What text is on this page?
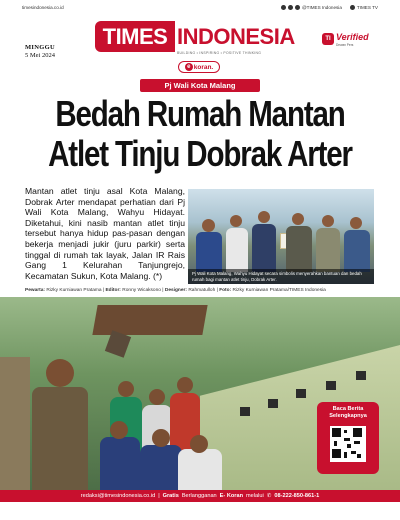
timesindonesia.co.id	@TIMES Indonesia	TIMES TV
MINGGU
5 Mei 2024
TIMES INDONESIA
BUILDING • INSPIRING • POSITIVE THINKING
e koran.
TI Verified
Dewan Pers
Pj Wali Kota Malang
Bedah Rumah Mantan
Atlet Tinju Dobrak Arter

Mantan atlet tinju asal Kota Malang, Dobrak Arter mendapat perhatian dari Pj Wali Kota Malang, Wahyu Hidayat. Diketahui, kini nasib mantan atlet tinju tersebut hanya hidup pas-pasan dengan bekerja menjadi jukir (juru parkir) serta tinggal di rumah tak layak, Jalan IR Rais Gang 1 Kelurahan Tanjungrejo, Kecamatan Sukun, Kota Malang. (*)	Pj Wali Kota Malang, Wahyu Hidayat secara simbolis menyerahkan bantuan dan bedah rumah bagi mantan atlet tinju, Dobrak Arter.
Pewarta: Rizky Kurniawan Pratama | Editor: Ronny Wicaksono | Designer: Rahmatulloh | Foto: Rizky Kurniawan Pratama/TIMES Indonesia
Baca Berita
Selengkapnya
redaksi@timesindonesia.co.id | Gratis Berlangganan E- Koran melalui ✆ 08-222-850-861-1
